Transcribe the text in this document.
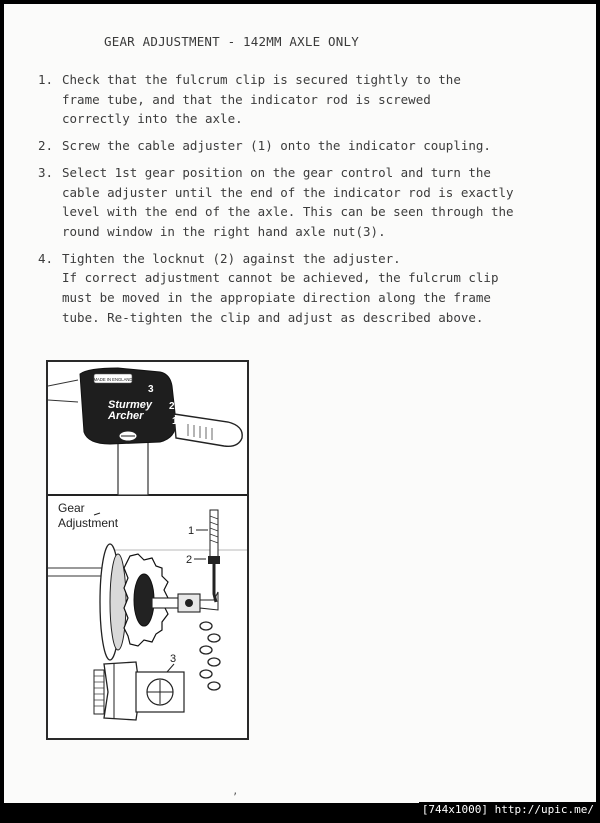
GEAR ADJUSTMENT - 142MM AXLE ONLY
1. Check that the fulcrum clip is secured tightly to the
frame tube, and that the indicator rod is screwed
correctly into the axle.
2. Screw the cable adjuster (1) onto the indicator coupling.
3. Select 1st gear position on the gear control and turn the
cable adjuster until the end of the indicator rod is exactly
level with the end of the axle. This can be seen through the
round window in the right hand axle nut(3).
4. Tighten the locknut (2) against the adjuster.
If correct adjustment cannot be achieved, the fulcrum clip
must be moved in the appropiate direction along the frame
tube. Re-tighten the clip and adjust as described above.
MADE IN ENGLAND
Sturmey
Archer
3
2
1
Gear
Adjustment
1
2
3
’
[744x1000] http://upic.me/
